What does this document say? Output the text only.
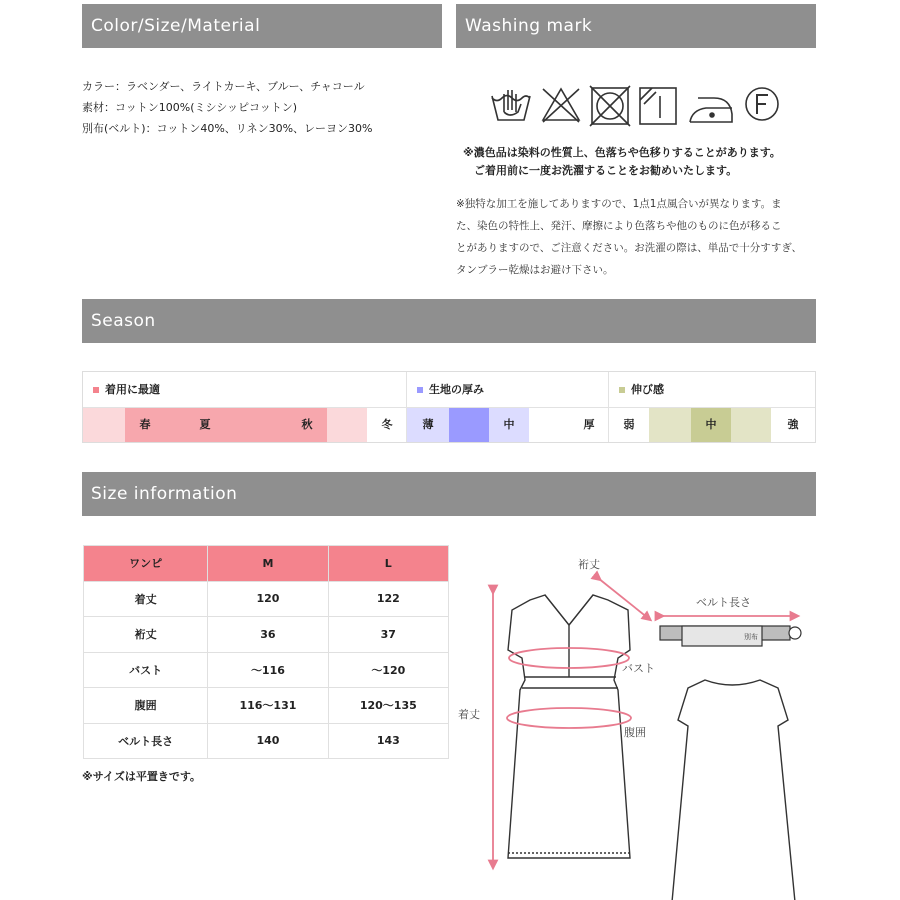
Color/Size/Material	Washing mark
カラー：ラベンダー、ライトカーキ、ブルー、チャコール
素材：コットン100%(ミシシッピコットン)
別布(ベルト)：コットン40%、リネン30%、レーヨン30%
※濃色品は染料の性質上、色落ちや色移りすることがあります。
ご着用前に一度お洗濯することをお勧めいたします。
※独特な加工を施してありますので、1点1点風合いが異なります。ま
た、染色の特性上、発汗、摩擦により色落ちや他のものに色が移るこ
とがありますので、ご注意ください。お洗濯の際は、単品で十分すすぎ、
タンブラー乾燥はお避け下さい。
Season
着用に最適	生地の厚み	伸び感
春	夏	秋	冬	薄	中	厚	弱	中	強
Size information
ワンピ	M	L
着丈	120	122
裄丈	36	37
バスト	～116	～120
腹囲	116～131	120～135
ベルト長さ	140	143
※サイズは平置きです。
別布
裄丈
ベルト長さ
バスト
着丈
腹囲
